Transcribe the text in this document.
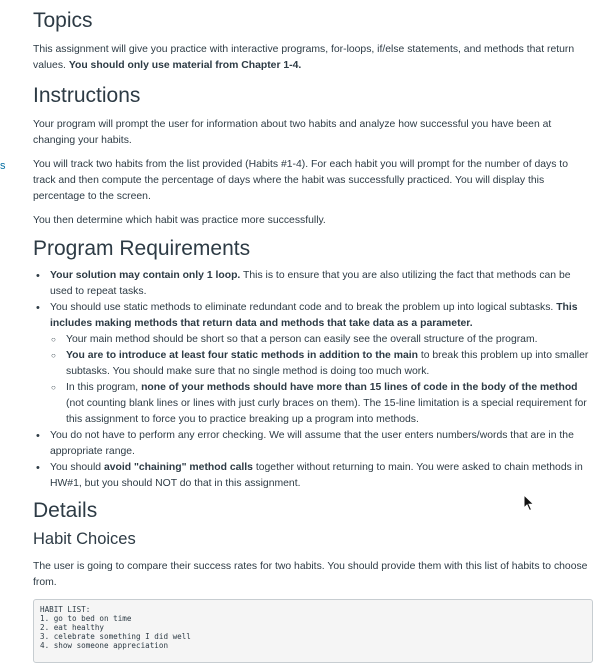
s
Topics

This assignment will give you practice with interactive programs, for-loops, if/else statements, and methods that return values. You should only use material from Chapter 1-4.

Instructions

Your program will prompt the user for information about two habits and analyze how successful you have been at changing your habits.

You will track two habits from the list provided (Habits #1-4). For each habit you will prompt for the number of days to track and then compute the percentage of days where the habit was successfully practiced. You will display this percentage to the screen.

You then determine which habit was practice more successfully.

Program Requirements
• Your solution may contain only 1 loop. This is to ensure that you are also utilizing the fact that methods can be used to repeat tasks.
• You should use static methods to eliminate redundant code and to break the problem up into logical subtasks. This includes making methods that return data and methods that take data as a parameter.
○ Your main method should be short so that a person can easily see the overall structure of the program.
○ You are to introduce at least four static methods in addition to the main to break this problem up into smaller subtasks. You should make sure that no single method is doing too much work.
○ In this program, none of your methods should have more than 15 lines of code in the body of the method (not counting blank lines or lines with just curly braces on them). The 15-line limitation is a special requirement for this assignment to force you to practice breaking up a program into methods.
• You do not have to perform any error checking. We will assume that the user enters numbers/words that are in the appropriate range.
• You should avoid "chaining" method calls together without returning to main. You were asked to chain methods in HW#1, but you should NOT do that in this assignment.
Details
Habit Choices

The user is going to compare their success rates for two habits. You should provide them with this list of habits to choose from.

HABIT LIST:
1. go to bed on time
2. eat healthy
3. celebrate something I did well
4. show someone appreciation
